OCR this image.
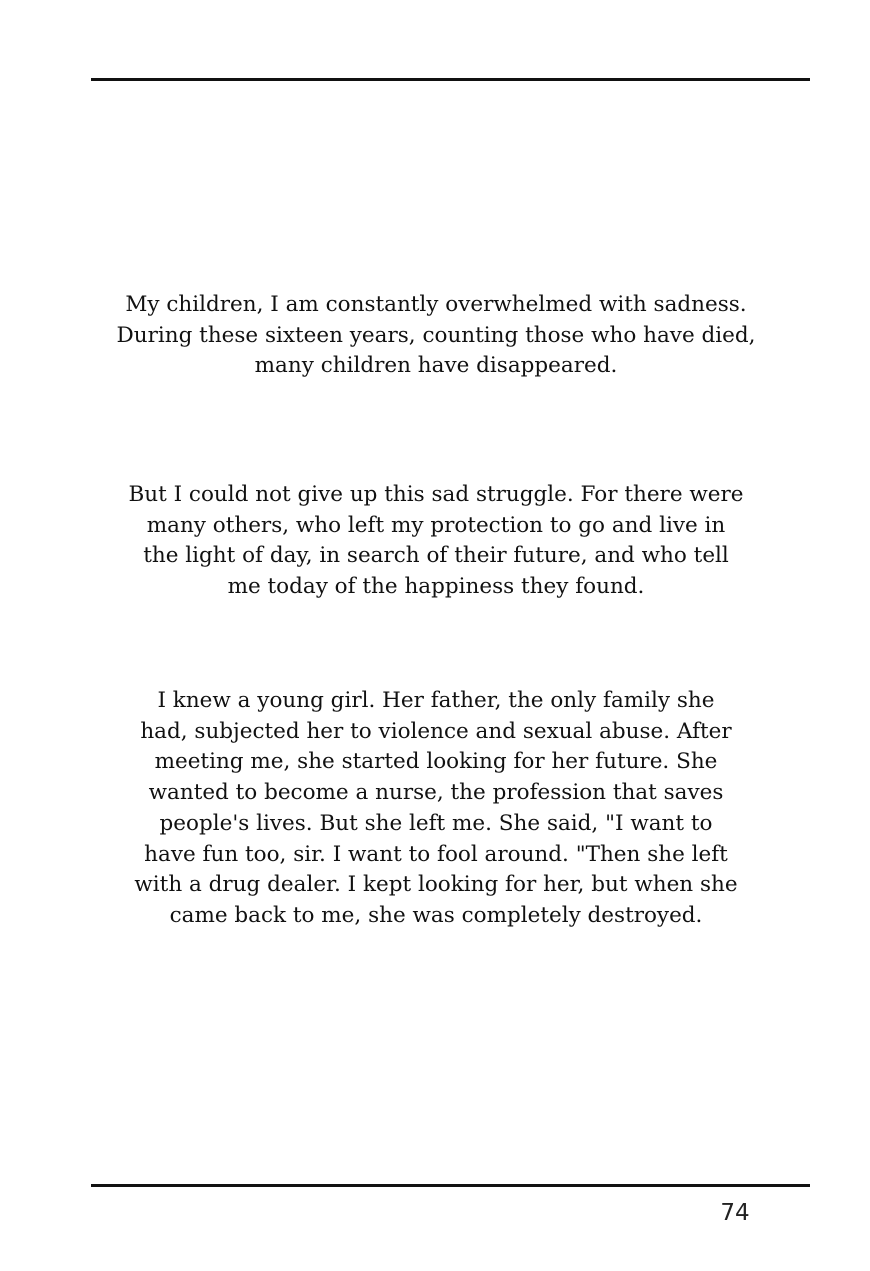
My children, I am constantly overwhelmed with sadness.
During these sixteen years, counting those who have died,
many children have disappeared.

But I could not give up this sad struggle. For there were
many others, who left my protection to go and live in
the light of day, in search of their future, and who tell
me today of the happiness they found.

I knew a young girl. Her father, the only family she
had, subjected her to violence and sexual abuse. After
meeting me, she started looking for her future. She
wanted to become a nurse, the profession that saves
people's lives. But she left me. She said, "I want to
have fun too, sir. I want to fool around. "Then she left
with a drug dealer. I kept looking for her, but when she
came back to me, she was completely destroyed.

74
